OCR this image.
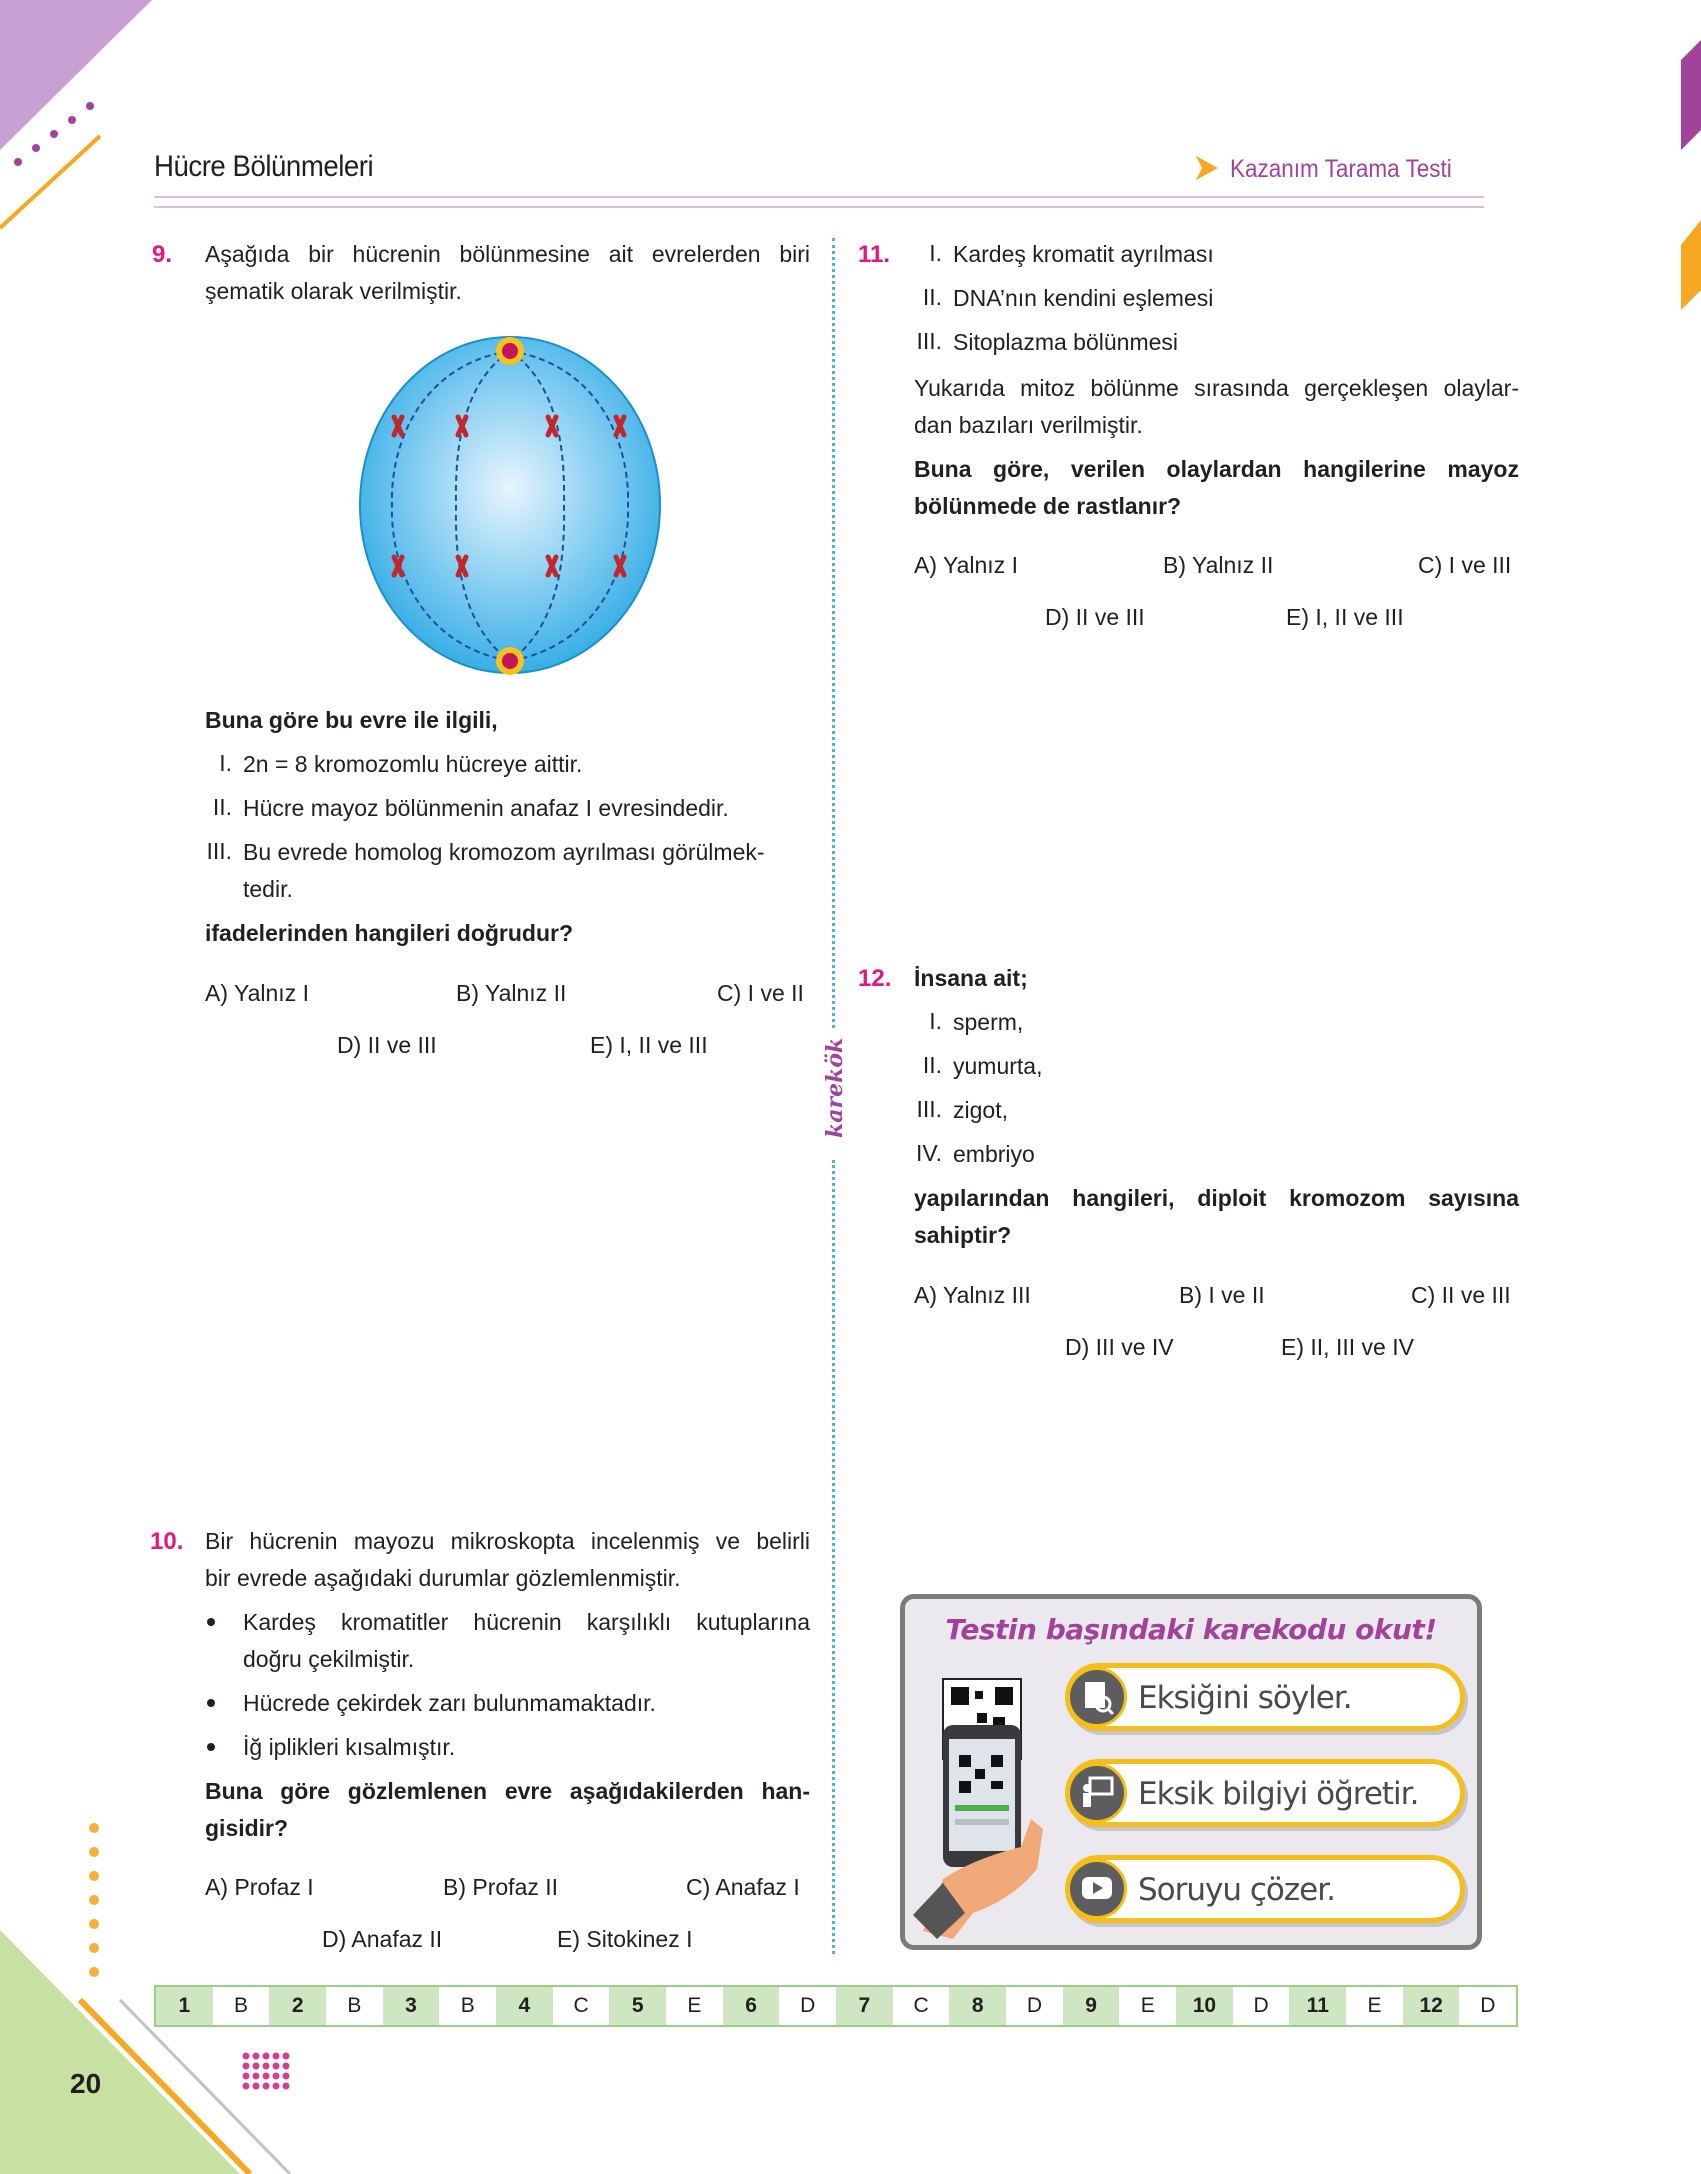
Hücre Bölünmeleri	Kazanım Tarama Testi
karekök
9. Aşağıda bir hücrenin bölünmesine ait evrelerden biri
şematik olarak verilmiştir.
Buna göre bu evre ile ilgili,
I. 2n = 8 kromozomlu hücreye aittir.
II. Hücre mayoz bölünmenin anafaz I evresindedir.
III. Bu evrede homolog kromozom ayrılması görülmek-
tedir.
ifadelerinden hangileri doğrudur?
A) Yalnız I	B) Yalnız II	C) I ve II
D) II ve III	E) I, II ve III
10. Bir hücrenin mayozu mikroskopta incelenmiş ve belirli
bir evrede aşağıdaki durumlar gözlemlenmiştir.
Kardeş kromatitler hücrenin karşılıklı kutuplarına
doğru çekilmiştir.
Hücrede çekirdek zarı bulunmamaktadır.
İğ iplikleri kısalmıştır.
Buna göre gözlemlenen evre aşağıdakilerden han-
gisidir?
A) Profaz I	B) Profaz II	C) Anafaz I
D) Anafaz II	E) Sitokinez I
11.	I. Kardeş kromatit ayrılması
II. DNA’nın kendini eşlemesi
III. Sitoplazma bölünmesi
Yukarıda mitoz bölünme sırasında gerçekleşen olaylar-
dan bazıları verilmiştir.
Buna göre, verilen olaylardan hangilerine mayoz
bölünmede de rastlanır?
A) Yalnız I	B) Yalnız II	C) I ve III
D) II ve III	E) I, II ve III
12. İnsana ait;
I. sperm,
II. yumurta,
III. zigot,
IV. embriyo
yapılarından hangileri, diploit kromozom sayısına
sahiptir?
A) Yalnız III	B) I ve II	C) II ve III
D) III ve IV	E) II, III ve IV
Testin başındaki karekodu okut!
Eksiğini söyler.
Eksik bilgiyi öğretir.
Soruyu çözer.
1	B	2	B	3	B	4	C	5	E	6	D	7	C	8	D	9	E	10	D	11	E	12	D
20
